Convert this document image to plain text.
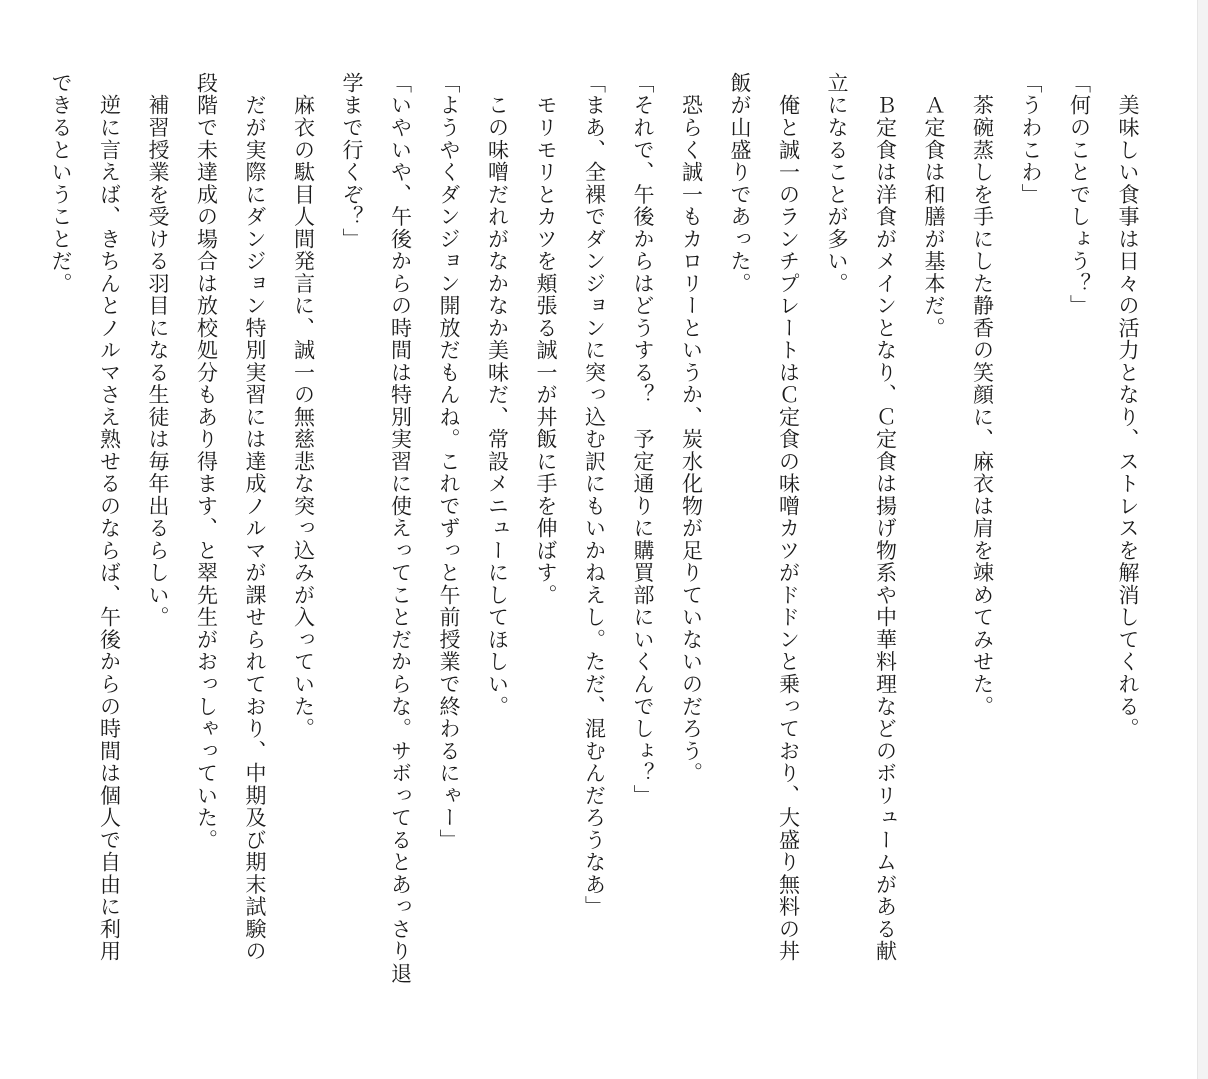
　美味しい食事は日々の活力となり、ストレスを解消してくれる。
「何のことでしょう？」
「うわこわ」
　茶碗蒸しを手にした静香の笑顔に、麻衣は肩を竦めてみせた。
　Ａ定食は和膳が基本だ。
　Ｂ定食は洋食がメインとなり、Ｃ定食は揚げ物系や中華料理などのボリュームがある献
立になることが多い。
　俺と誠一のランチプレートはＣ定食の味噌カツがドドンと乗っており、大盛り無料の丼
飯が山盛りであった。
　恐らく誠一もカロリーというか、炭水化物が足りていないのだろう。
「それで、午後からはどうする？　予定通りに購買部にいくんでしょ？」
「まあ、全裸でダンジョンに突っ込む訳にもいかねえし。ただ、混むんだろうなあ」
　モリモリとカツを頬張る誠一が丼飯に手を伸ばす。
　この味噌だれがなかなか美味だ、常設メニューにしてほしい。
「ようやくダンジョン開放だもんね。これでずっと午前授業で終わるにゃー」
「いやいや、午後からの時間は特別実習に使えってことだからな。サボってるとあっさり退
学まで行くぞ？」
　麻衣の駄目人間発言に、誠一の無慈悲な突っ込みが入っていた。
　だが実際にダンジョン特別実習には達成ノルマが課せられており、中期及び期末試験の
段階で未達成の場合は放校処分もあり得ます、と翠先生がおっしゃっていた。
　補習授業を受ける羽目になる生徒は毎年出るらしい。
　逆に言えば、きちんとノルマさえ熟せるのならば、午後からの時間は個人で自由に利用
できるということだ。
